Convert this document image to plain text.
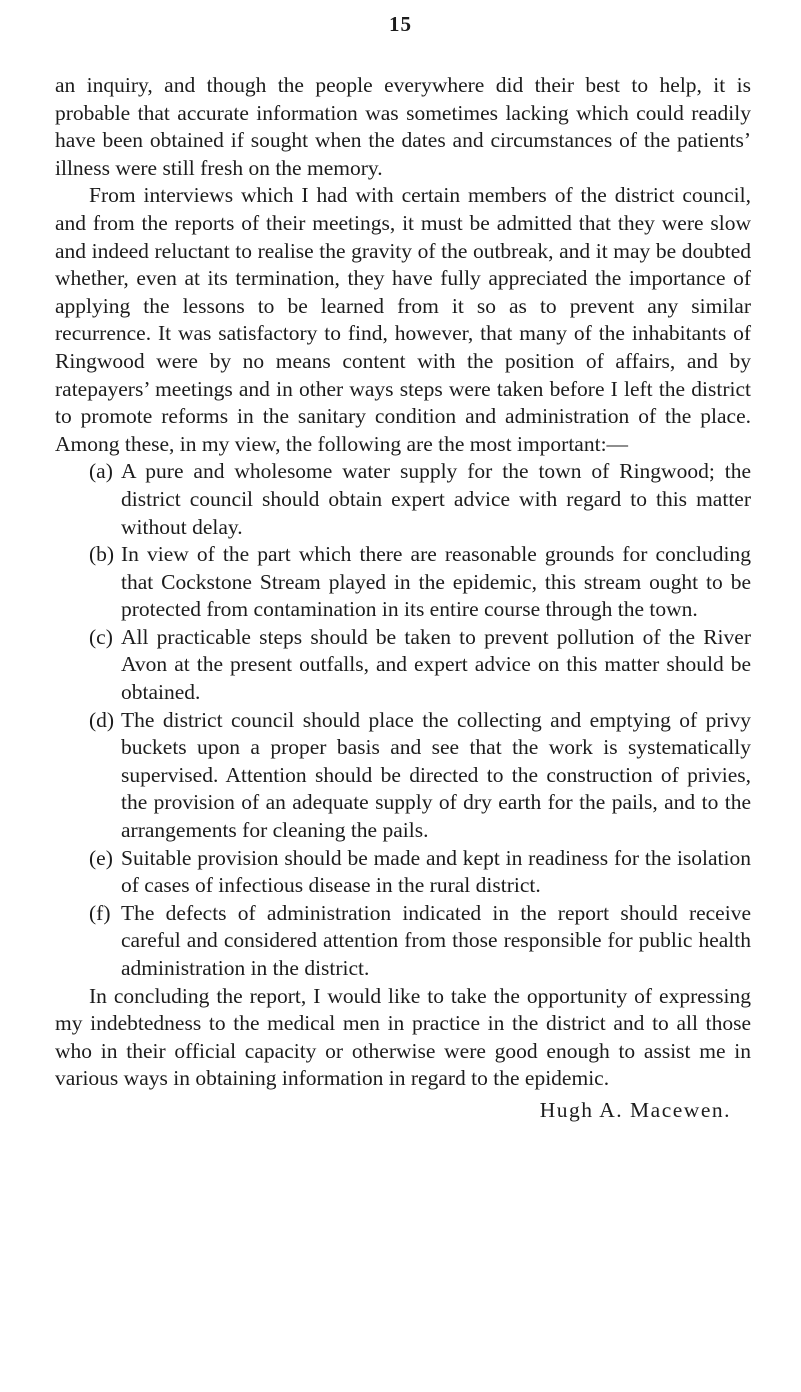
15

an inquiry, and though the people everywhere did their best to help, it is probable that accurate information was sometimes lacking which could readily have been obtained if sought when the dates and circumstances of the patients’ illness were still fresh on the memory.

From interviews which I had with certain members of the district council, and from the reports of their meetings, it must be admitted that they were slow and indeed reluctant to realise the gravity of the outbreak, and it may be doubted whether, even at its termination, they have fully appreciated the importance of applying the lessons to be learned from it so as to prevent any similar recurrence. It was satisfactory to find, however, that many of the inhabitants of Ringwood were by no means content with the position of affairs, and by ratepayers’ meetings and in other ways steps were taken before I left the district to promote reforms in the sanitary condition and administration of the place. Among these, in my view, the following are the most important:—

(a) A pure and wholesome water supply for the town of Ringwood; the district council should obtain expert advice with regard to this matter without delay.
(b) In view of the part which there are reasonable grounds for concluding that Cockstone Stream played in the epidemic, this stream ought to be protected from contamination in its entire course through the town.
(c) All practicable steps should be taken to prevent pollution of the River Avon at the present outfalls, and expert advice on this matter should be obtained.
(d) The district council should place the collecting and emptying of privy buckets upon a proper basis and see that the work is systematically supervised. Attention should be directed to the construction of privies, the provision of an adequate supply of dry earth for the pails, and to the arrangements for cleaning the pails.
(e) Suitable provision should be made and kept in readiness for the isolation of cases of infectious disease in the rural district.
(f) The defects of administration indicated in the report should receive careful and considered attention from those responsible for public health administration in the district.

In concluding the report, I would like to take the opportunity of expressing my indebtedness to the medical men in practice in the district and to all those who in their official capacity or otherwise were good enough to assist me in various ways in obtaining information in regard to the epidemic.

Hugh A. Macewen.
